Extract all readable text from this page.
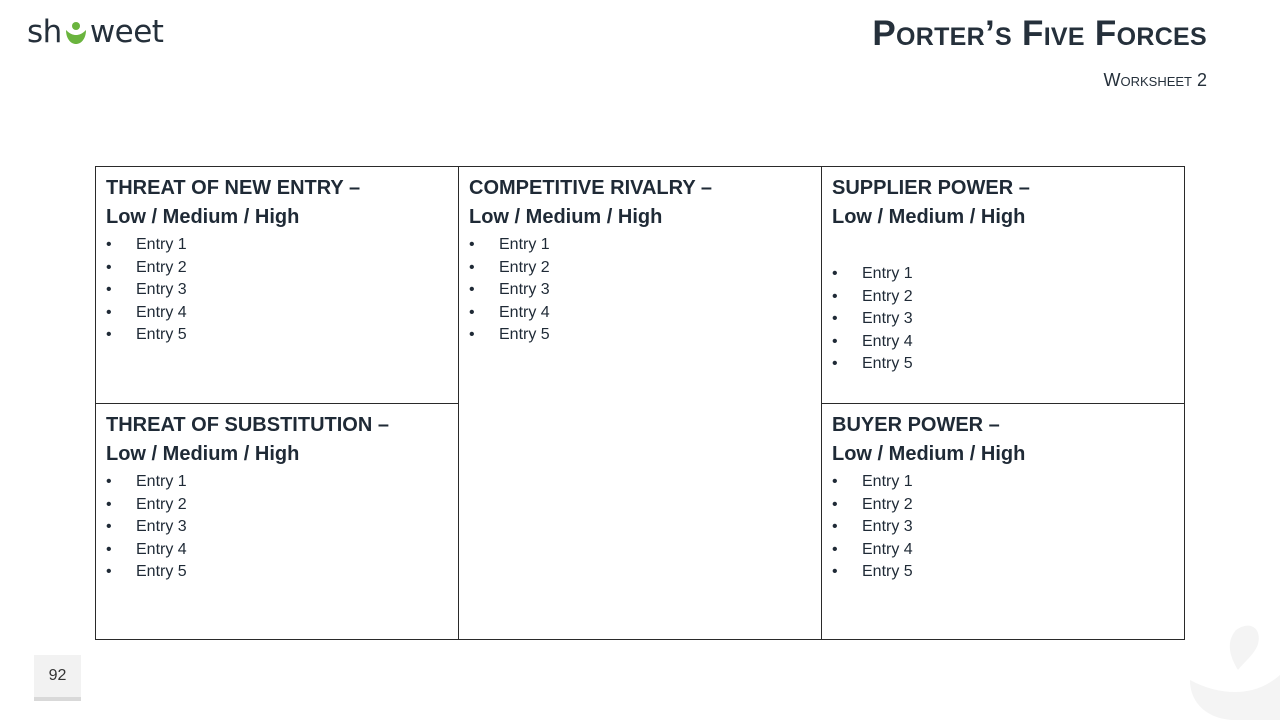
sh weet	Porter’s Five Forces
Worksheet 2
THREAT OF NEW ENTRY –
Low / Medium / High
• Entry 1
• Entry 2
• Entry 3
• Entry 4
• Entry 5
COMPETITIVE RIVALRY –
Low / Medium / High
• Entry 1
• Entry 2
• Entry 3
• Entry 4
• Entry 5
SUPPLIER POWER –
Low / Medium / High
• Entry 1
• Entry 2
• Entry 3
• Entry 4
• Entry 5
THREAT OF SUBSTITUTION –
Low / Medium / High
• Entry 1
• Entry 2
• Entry 3
• Entry 4
• Entry 5
BUYER POWER –
Low / Medium / High
• Entry 1
• Entry 2
• Entry 3
• Entry 4
• Entry 5
92
